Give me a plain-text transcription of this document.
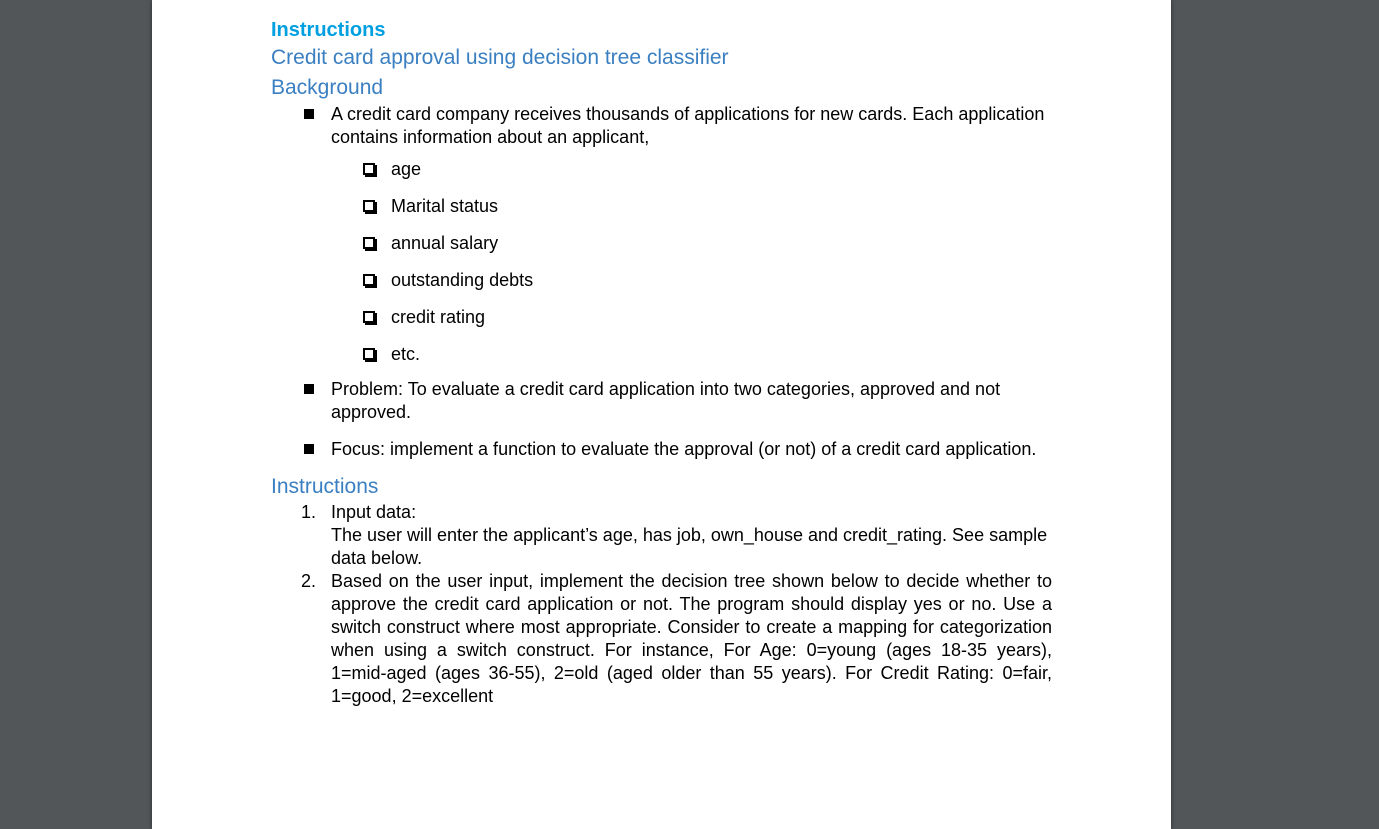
Instructions
Credit card approval using decision tree classifier
Background
A credit card company receives thousands of applications for new cards. Each application contains information about an applicant,
age
Marital status
annual salary
outstanding debts
credit rating
etc.
Problem: To evaluate a credit card application into two categories, approved and not approved.
Focus: implement a function to evaluate the approval (or not) of a credit card application.
Instructions
1. Input data:
The user will enter the applicant’s age, has job, own_house and credit_rating. See sample data below.
2. Based on the user input, implement the decision tree shown below to decide whether to approve the credit card application or not. The program should display yes or no. Use a switch construct where most appropriate. Consider to create a mapping for categorization when using a switch construct. For instance, For Age: 0=young (ages 18-35 years), 1=mid-aged (ages 36-55), 2=old (aged older than 55 years). For Credit Rating: 0=fair, 1=good, 2=excellent
